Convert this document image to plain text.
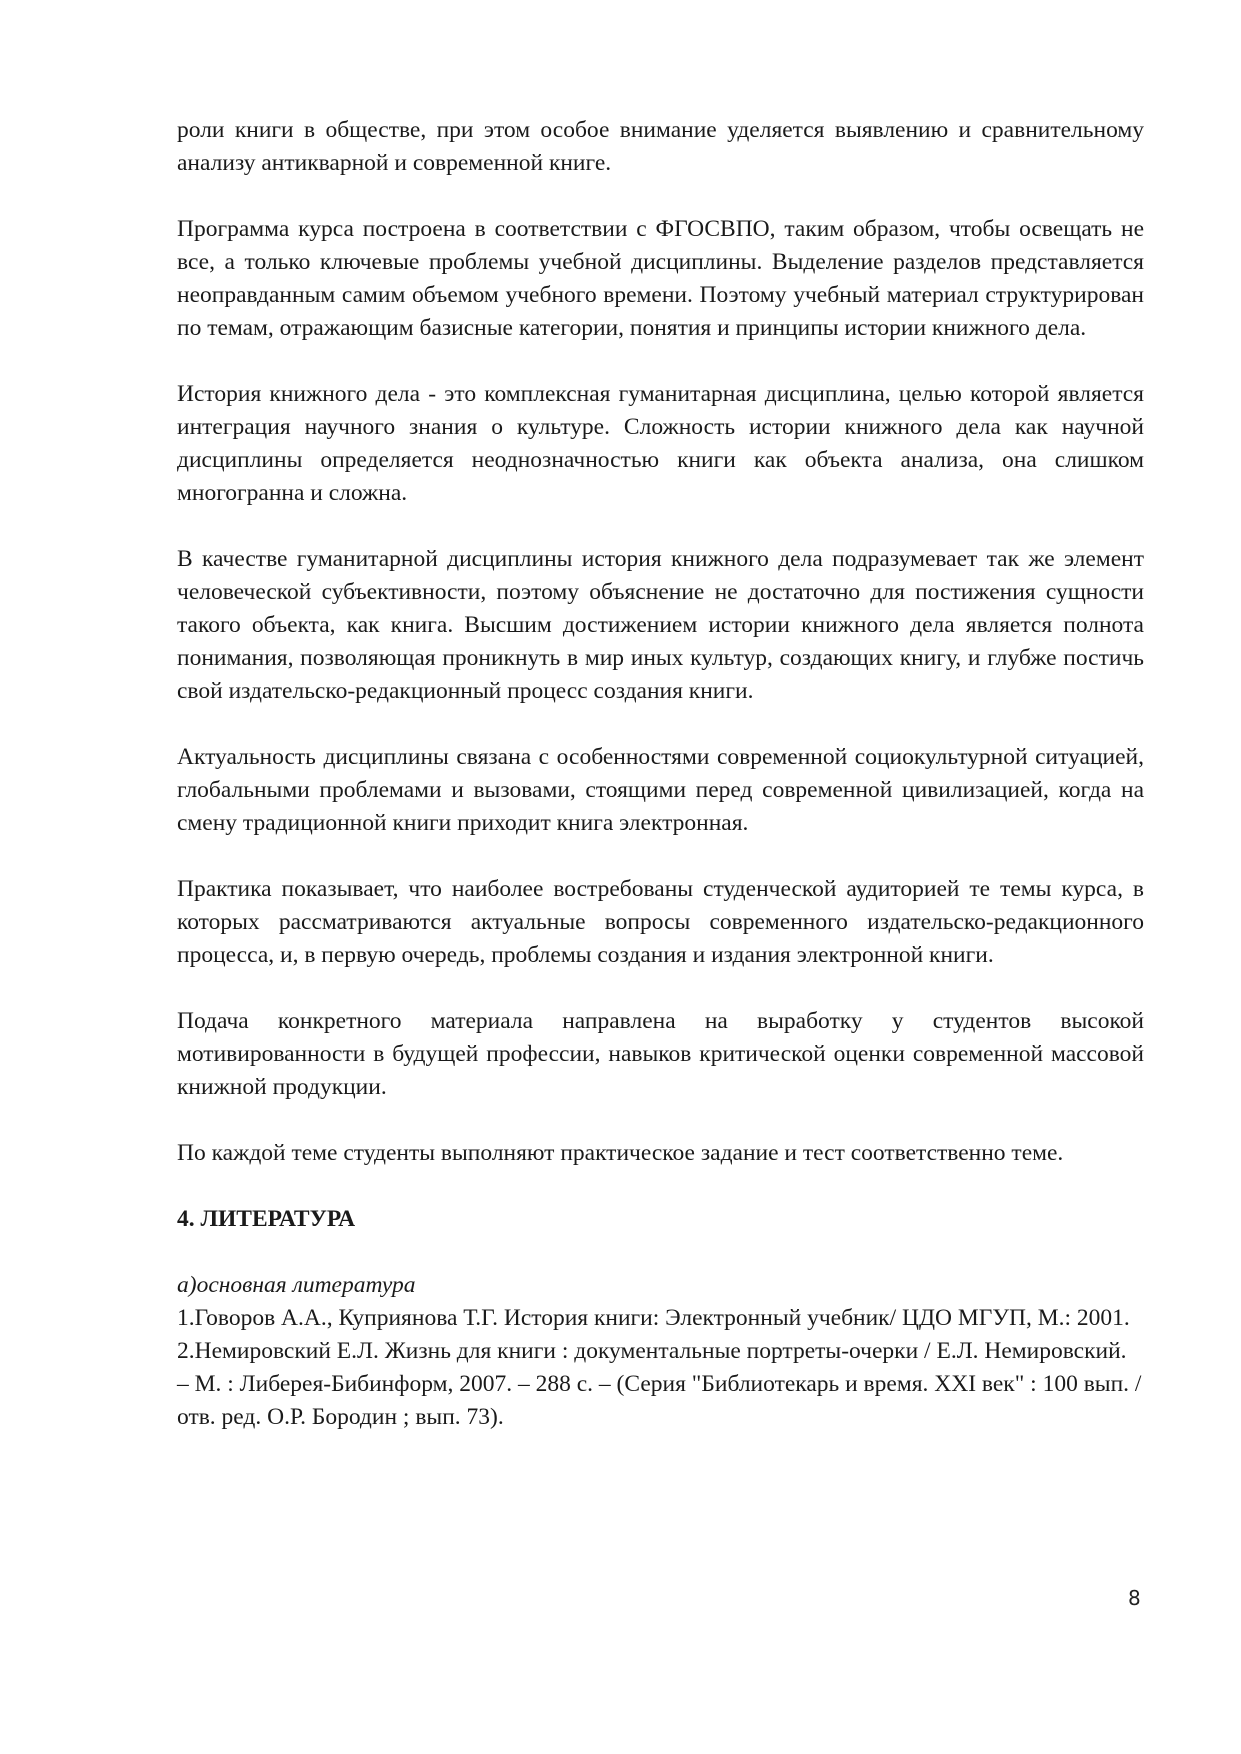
роли книги в обществе, при этом особое внимание уделяется выявлению и сравнительному анализу антикварной и современной книге.

Программа курса построена в соответствии с ФГОСВПО, таким образом, чтобы освещать не все, а только ключевые проблемы учебной дисциплины. Выделение разделов представляется неоправданным самим объемом учебного времени. Поэтому учебный материал структурирован по темам, отражающим базисные категории, понятия и принципы истории книжного дела.

История книжного дела - это комплексная гуманитарная дисциплина, целью которой является интеграция научного знания о культуре. Сложность истории книжного дела как научной дисциплины определяется неоднозначностью книги как объекта анализа, она слишком многогранна и сложна.

В качестве гуманитарной дисциплины история книжного дела подразумевает так же элемент человеческой субъективности, поэтому объяснение не достаточно для постижения сущности такого объекта, как книга. Высшим достижением истории книжного дела является полнота понимания, позволяющая проникнуть в мир иных культур, создающих книгу, и глубже постичь свой издательско-редакционный процесс создания книги.

Актуальность дисциплины связана с особенностями современной социокультурной ситуацией, глобальными проблемами и вызовами, стоящими перед современной цивилизацией, когда на смену традиционной книги приходит книга электронная.

Практика показывает, что наиболее востребованы студенческой аудиторией те темы курса, в которых рассматриваются актуальные вопросы современного издательско-редакционного процесса, и, в первую очередь, проблемы создания и издания электронной книги.

Подача конкретного материала направлена на выработку у студентов высокой мотивированности в будущей профессии, навыков критической оценки современной массовой книжной продукции.

По каждой теме студенты выполняют практическое задание и тест соответственно теме.

4. ЛИТЕРАТУРА

а)основная литература

1.Говоров А.А., Куприянова Т.Г. История книги: Электронный учебник/ ЦДО МГУП, М.: 2001.

2.Немировский Е.Л. Жизнь для книги : документальные портреты-очерки / Е.Л. Немировский. – М. : Либерея-Бибинформ, 2007. – 288 с. – (Серия "Библиотекарь и время. XXI век" : 100 вып. / отв. ред. О.Р. Бородин ; вып. 73).

8
